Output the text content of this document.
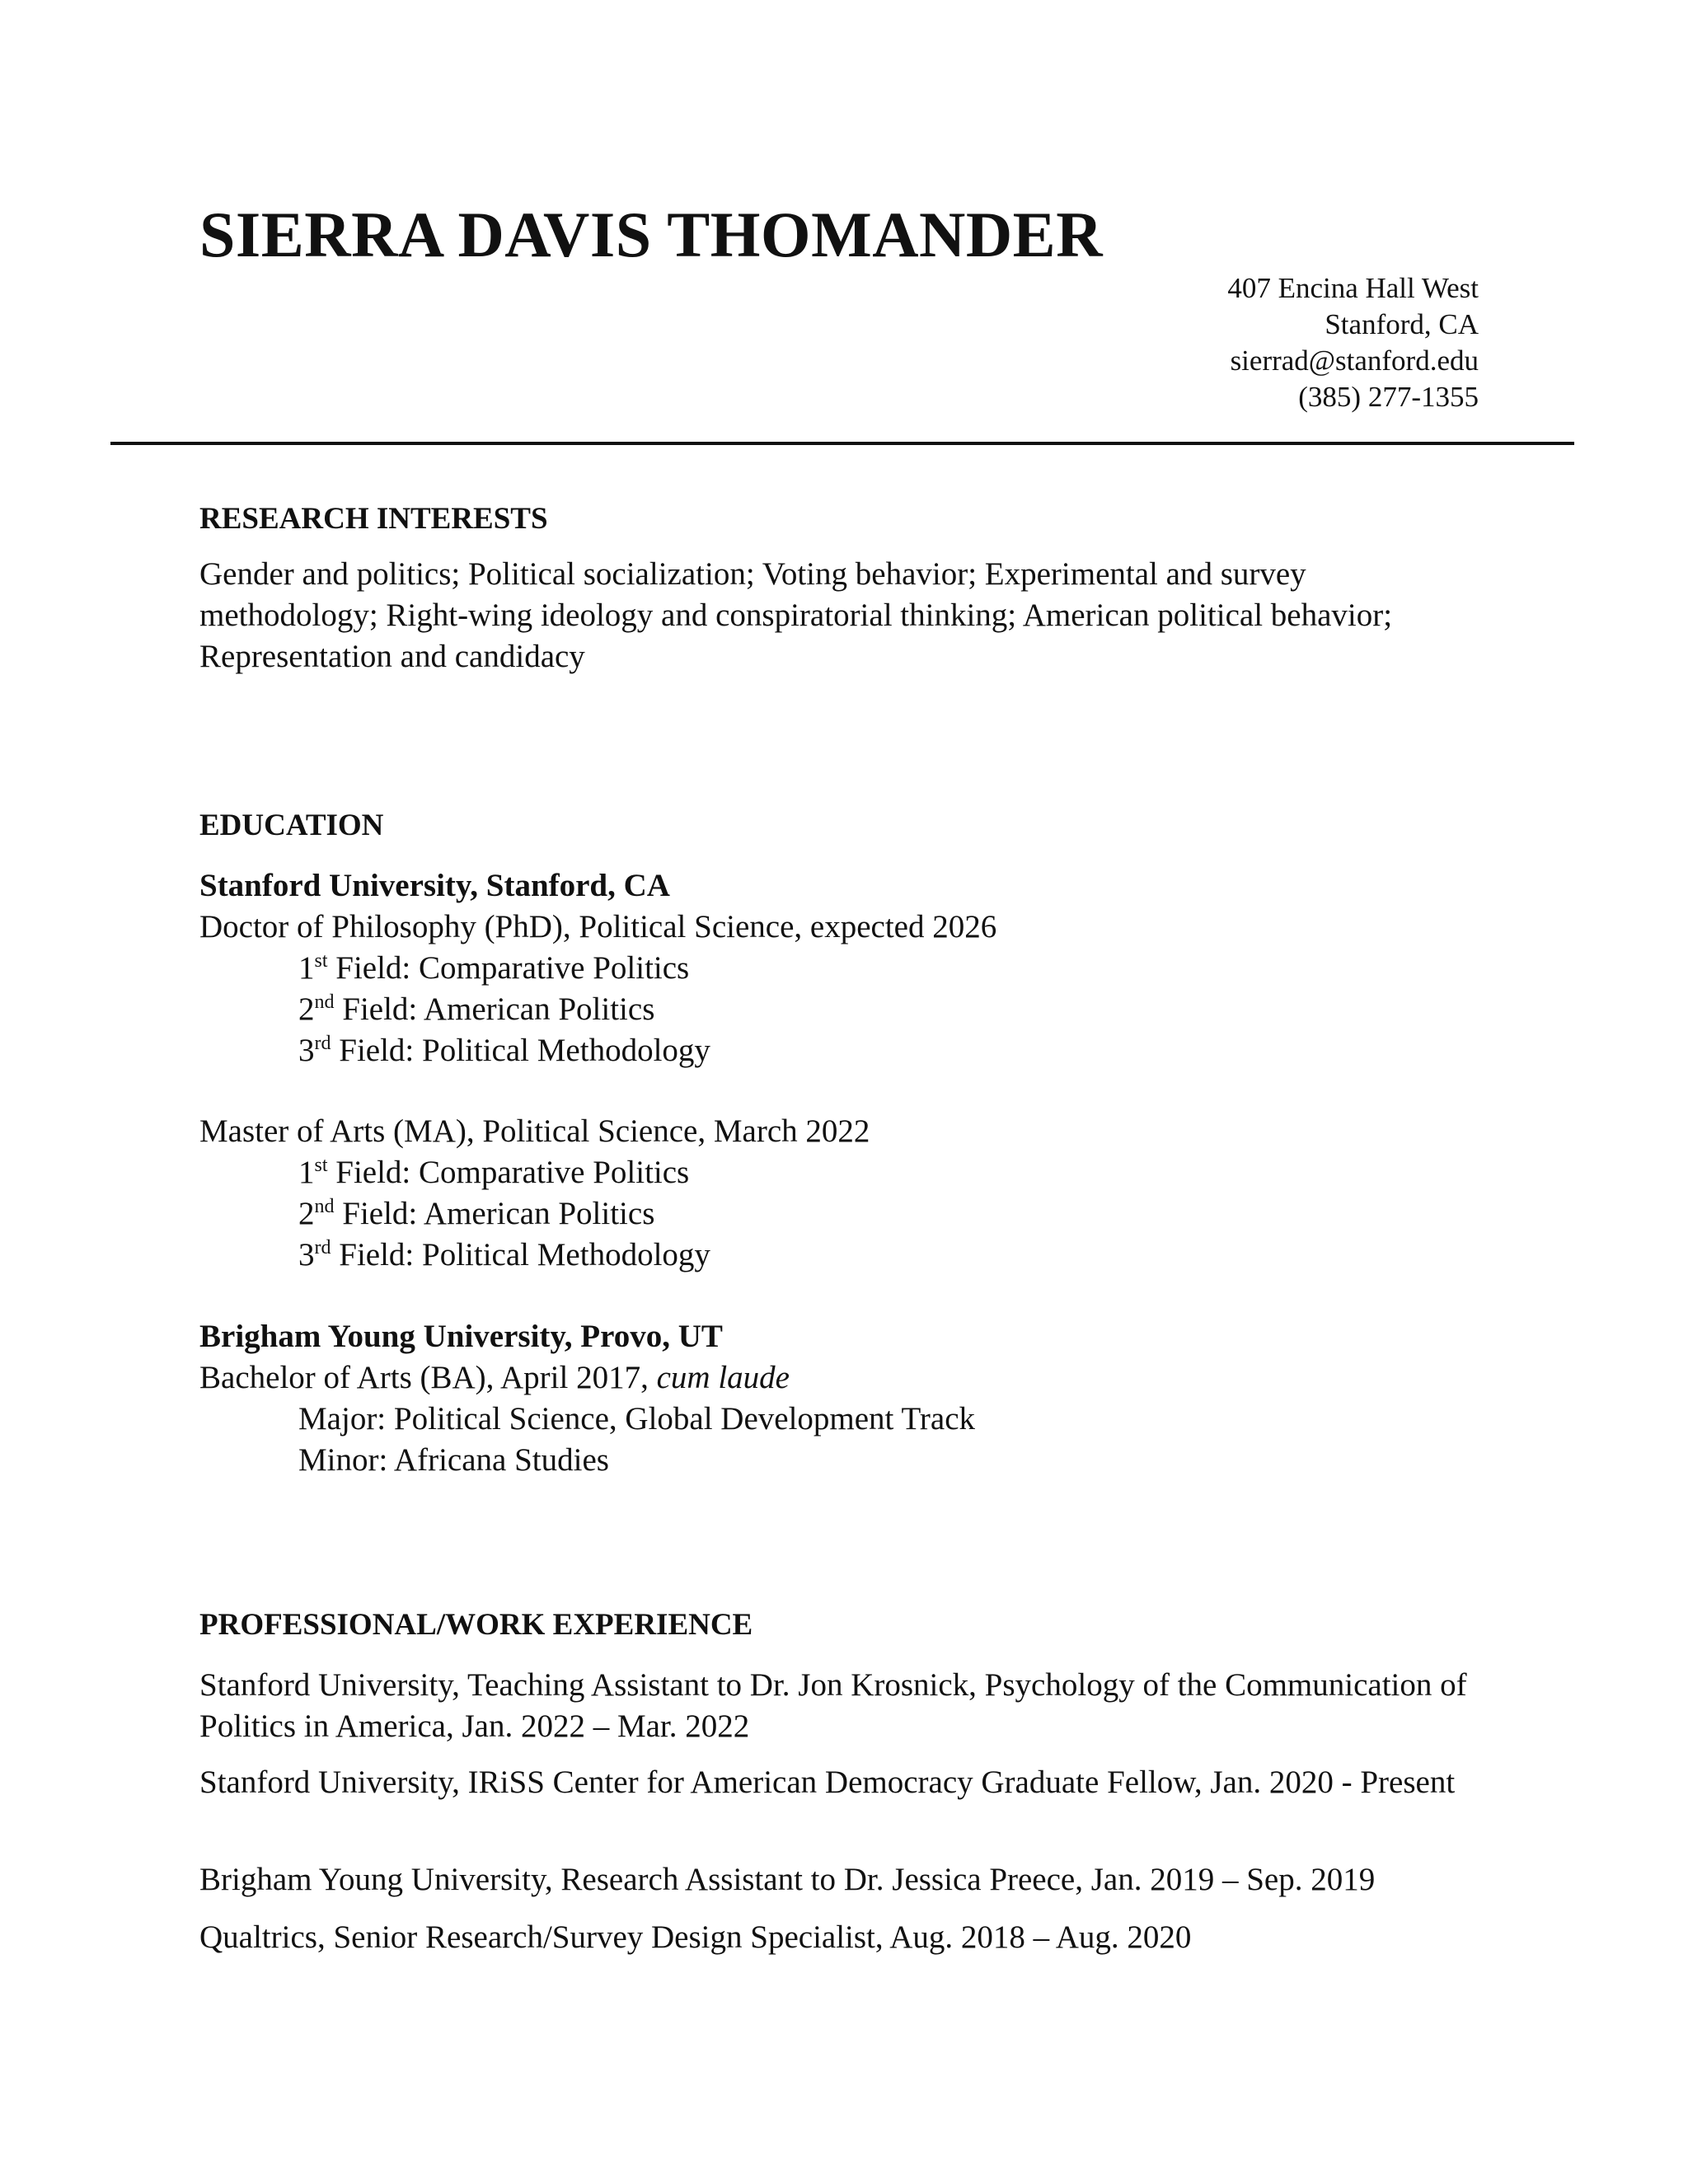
SIERRA DAVIS THOMANDER
407 Encina Hall West
Stanford, CA
sierrad@stanford.edu
(385) 277-1355
RESEARCH INTERESTS

Gender and politics; Political socialization; Voting behavior; Experimental and survey methodology; Right-wing ideology and conspiratorial thinking; American political behavior; Representation and candidacy

EDUCATION
Stanford University, Stanford, CA
Doctor of Philosophy (PhD), Political Science, expected 2026
1st Field: Comparative Politics
2nd Field: American Politics
3rd Field: Political Methodology
Master of Arts (MA), Political Science, March 2022
1st Field: Comparative Politics
2nd Field: American Politics
3rd Field: Political Methodology
Brigham Young University, Provo, UT
Bachelor of Arts (BA), April 2017, cum laude
Major: Political Science, Global Development Track
Minor: Africana Studies
PROFESSIONAL/WORK EXPERIENCE

Stanford University, Teaching Assistant to Dr. Jon Krosnick, Psychology of the Communication of Politics in America, Jan. 2022 – Mar. 2022

Stanford University, IRiSS Center for American Democracy Graduate Fellow, Jan. 2020 - Present

Brigham Young University, Research Assistant to Dr. Jessica Preece, Jan. 2019 – Sep. 2019

Qualtrics, Senior Research/Survey Design Specialist, Aug. 2018 – Aug. 2020
